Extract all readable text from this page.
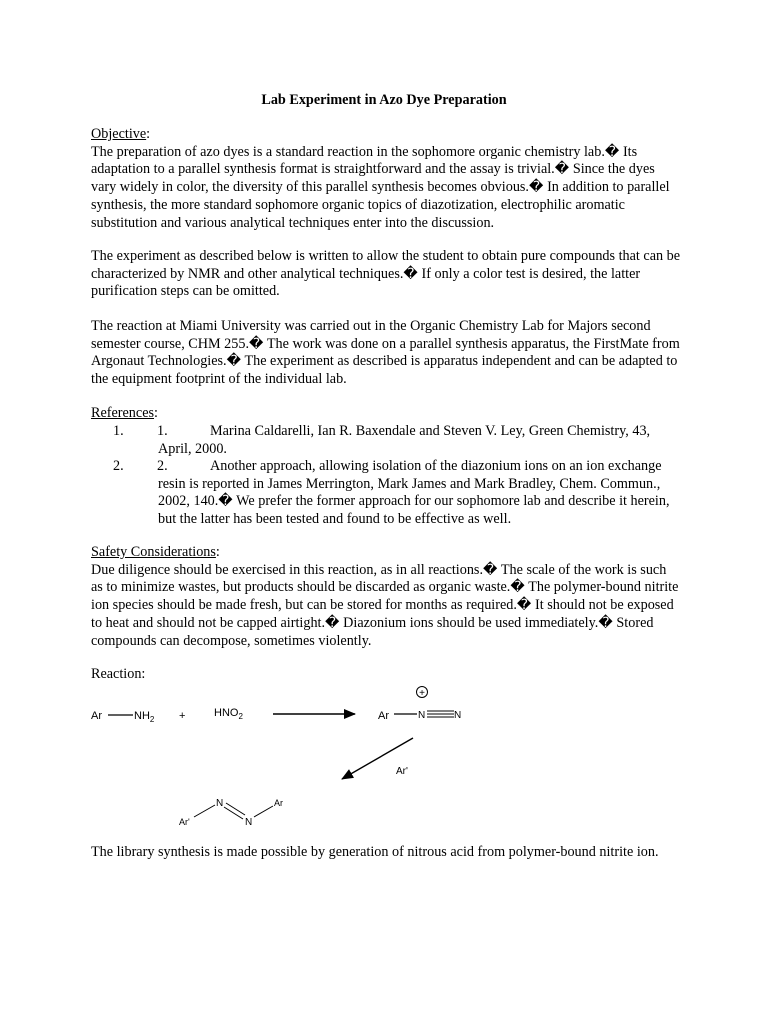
Lab Experiment in Azo Dye Preparation

Objective:

The preparation of azo dyes is a standard reaction in the sophomore organic chemistry lab.� Its adaptation to a parallel synthesis format is straightforward and the assay is trivial.� Since the dyes vary widely in color, the diversity of this parallel synthesis becomes obvious.� In addition to parallel synthesis, the more standard sophomore organic topics of diazotization, electrophilic aromatic substitution and various analytical techniques enter into the discussion.

The experiment as described below is written to allow the student to obtain pure compounds that can be characterized by NMR and other analytical techniques.� If only a color test is desired, the latter purification steps can be omitted.

The reaction at Miami University was carried out in the Organic Chemistry Lab for Majors second semester course, CHM 255.� The work was done on a parallel synthesis apparatus, the FirstMate from Argonaut Technologies.� The experiment as described is apparatus independent and can be adapted to the equipment footprint of the individual lab.

References:

1. 1.	Marina Caldarelli, Ian R. Baxendale and Steven V. Ley, Green Chemistry, 43, April, 2000.
2. 2.	Another approach, allowing isolation of the diazonium ions on an ion exchange resin is reported in James Merrington, Mark James and Mark Bradley, Chem. Commun., 2002, 140.� We prefer the former approach for our sophomore lab and describe it herein, but the latter has been tested and found to be effective as well.

Safety Considerations:

Due diligence should be exercised in this reaction, as in all reactions.� The scale of the work is such as to minimize wastes, but products should be discarded as organic waste.� The polymer-bound nitrite ion species should be made fresh, but can be stored for months as required.� It should not be exposed to heat and should not be capped airtight.� Diazonium ions should be used immediately.� Stored compounds can decompose, sometimes violently.

Reaction:
Ar	$NH_2$ +	$HNO_2$	Ar	N	N
+
Ar'
Ar'
N
N
Ar

The library synthesis is made possible by generation of nitrous acid from polymer-bound nitrite ion.
